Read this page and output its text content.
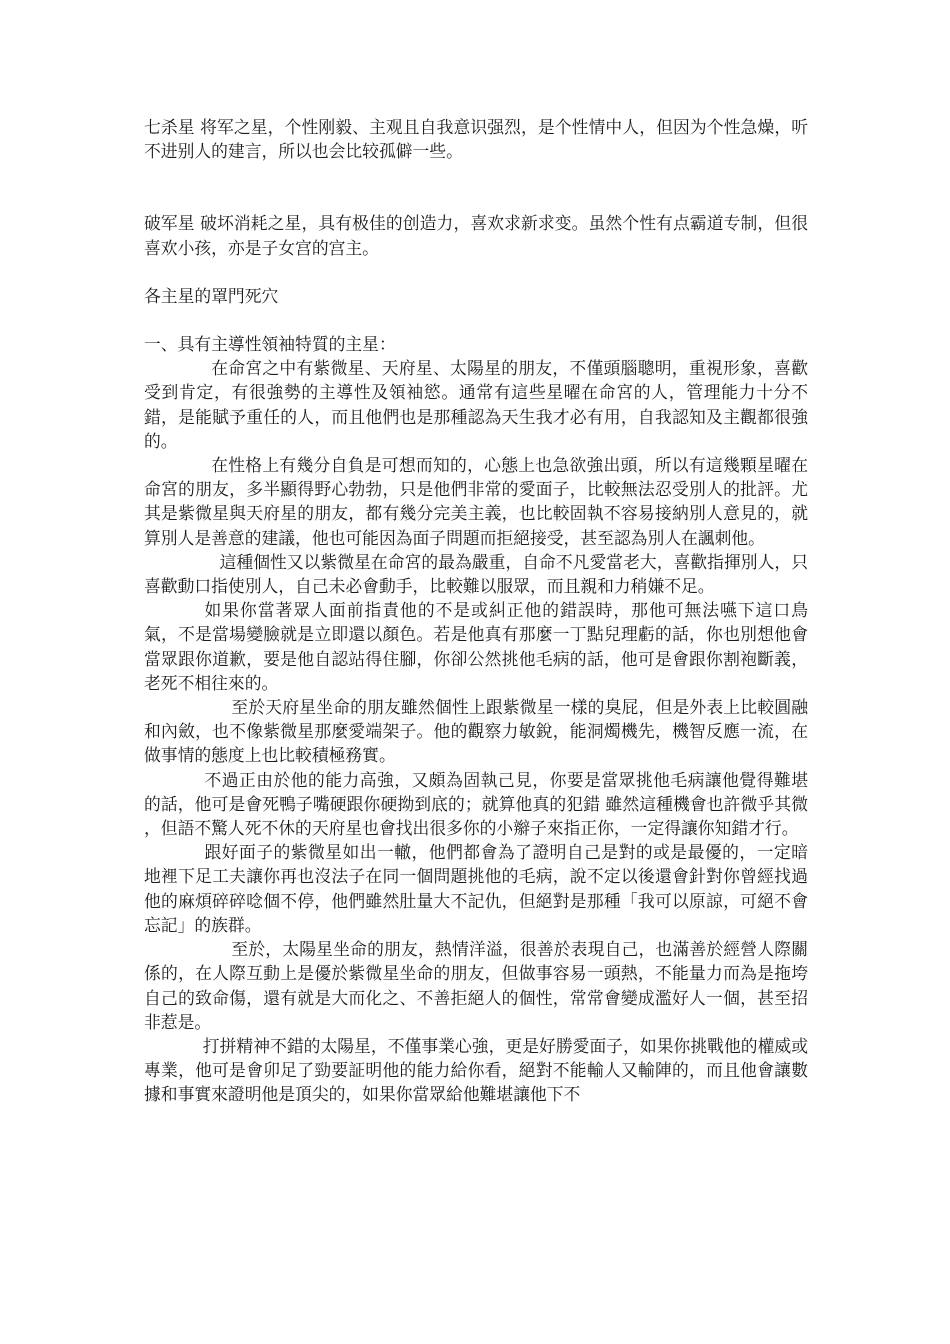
七杀星 将军之星，个性刚毅、主观且自我意识强烈，是个性情中人，但因为个性急燥，听不进别人的建言，所以也会比较孤僻一些。

破军星 破坏消耗之星，具有极佳的创造力，喜欢求新求变。虽然个性有点霸道专制，但很喜欢小孩，亦是子女宫的宫主。

各主星的罩門死穴

一、具有主導性領袖特質的主星：

在命宮之中有紫微星、天府星、太陽星的朋友，不僅頭腦聰明，重視形象，喜歡受到肯定，有很強勢的主導性及領袖慾。通常有這些星曜在命宮的人，管理能力十分不錯，是能賦予重任的人，而且他們也是那種認為天生我才必有用，自我認知及主觀都很強的。

在性格上有幾分自負是可想而知的，心態上也急欲強出頭，所以有這幾顆星曜在命宮的朋友，多半顯得野心勃勃，只是他們非常的愛面子，比較無法忍受別人的批評。尤其是紫微星與天府星的朋友，都有幾分完美主義，也比較固執不容易接納別人意見的，就算別人是善意的建議，他也可能因為面子問題而拒絕接受，甚至認為別人在諷刺他。

這種個性又以紫微星在命宮的最為嚴重，自命不凡愛當老大，喜歡指揮別人，只喜歡動口指使別人，自己未必會動手，比較難以服眾，而且親和力稍嫌不足。

如果你當著眾人面前指責他的不是或糾正他的錯誤時，那他可無法嚥下這口鳥氣，不是當場變臉就是立即還以顏色。若是他真有那麼一丁點兒理虧的話，你也別想他會當眾跟你道歉，要是他自認站得住腳，你卻公然挑他毛病的話，他可是會跟你割袍斷義，老死不相往來的。

至於天府星坐命的朋友雖然個性上跟紫微星一樣的臭屁，但是外表上比較圓融和內斂，也不像紫微星那麼愛端架子。他的觀察力敏銳，能洞燭機先，機智反應一流，在做事情的態度上也比較積極務實。

不過正由於他的能力高強，又頗為固執己見，你要是當眾挑他毛病讓他覺得難堪的話，他可是會死鴨子嘴硬跟你硬拗到底的；就算他真的犯錯 雖然這種機會也許微乎其微 ，但語不驚人死不休的天府星也會找出很多你的小辮子來指正你，一定得讓你知錯才行。

跟好面子的紫微星如出一轍，他們都會為了證明自己是對的或是最優的，一定暗地裡下足工夫讓你再也沒法子在同一個問題挑他的毛病，說不定以後還會針對你曾經找過他的麻煩碎碎唸個不停，他們雖然肚量大不記仇，但絕對是那種「我可以原諒，可絕不會忘記」的族群。

至於，太陽星坐命的朋友，熱情洋溢，很善於表現自己，也滿善於經營人際關係的，在人際互動上是優於紫微星坐命的朋友，但做事容易一頭熱，不能量力而為是拖垮自己的致命傷，還有就是大而化之、不善拒絕人的個性，常常會變成濫好人一個，甚至招非惹是。

打拼精神不錯的太陽星，不僅事業心強，更是好勝愛面子，如果你挑戰他的權威或專業，他可是會卯足了勁要証明他的能力給你看，絕對不能輸人又輸陣的，而且他會讓數據和事實來證明他是頂尖的，如果你當眾給他難堪讓他下不
